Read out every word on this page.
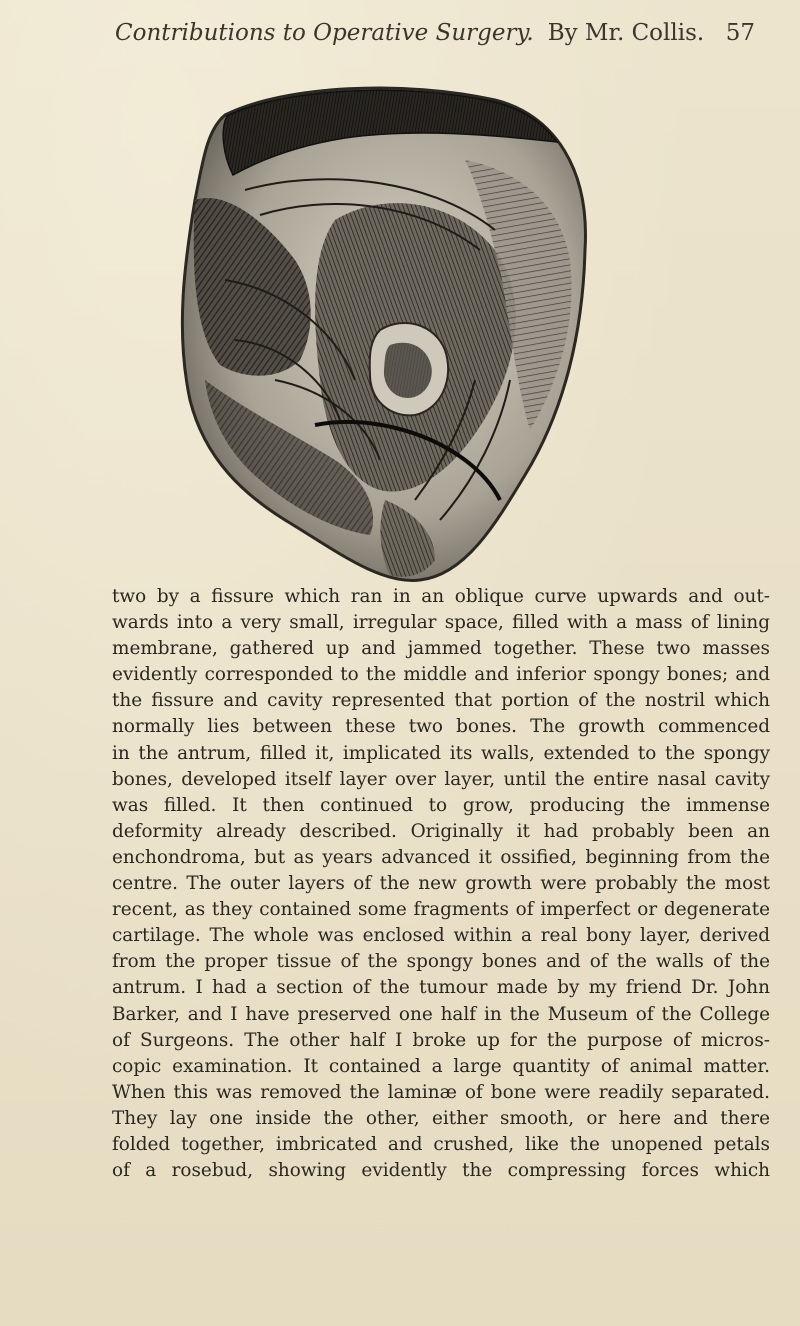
Contributions to Operative Surgery. By Mr. Collis. 57
two by a fissure which ran in an oblique curve upwards and out-
wards into a very small, irregular space, filled with a mass of lining
membrane, gathered up and jammed together. These two masses
evidently corresponded to the middle and inferior spongy bones; and
the fissure and cavity represented that portion of the nostril which
normally lies between these two bones. The growth commenced
in the antrum, filled it, implicated its walls, extended to the spongy
bones, developed itself layer over layer, until the entire nasal cavity
was filled. It then continued to grow, producing the immense
deformity already described. Originally it had probably been an
enchondroma, but as years advanced it ossified, beginning from the
centre. The outer layers of the new growth were probably the most
recent, as they contained some fragments of imperfect or degenerate
cartilage. The whole was enclosed within a real bony layer, derived
from the proper tissue of the spongy bones and of the walls of the
antrum. I had a section of the tumour made by my friend Dr. John
Barker, and I have preserved one half in the Museum of the College
of Surgeons. The other half I broke up for the purpose of micros-
copic examination. It contained a large quantity of animal matter.
When this was removed the laminæ of bone were readily separated.
They lay one inside the other, either smooth, or here and there
folded together, imbricated and crushed, like the unopened petals
of a rosebud, showing evidently the compressing forces which
